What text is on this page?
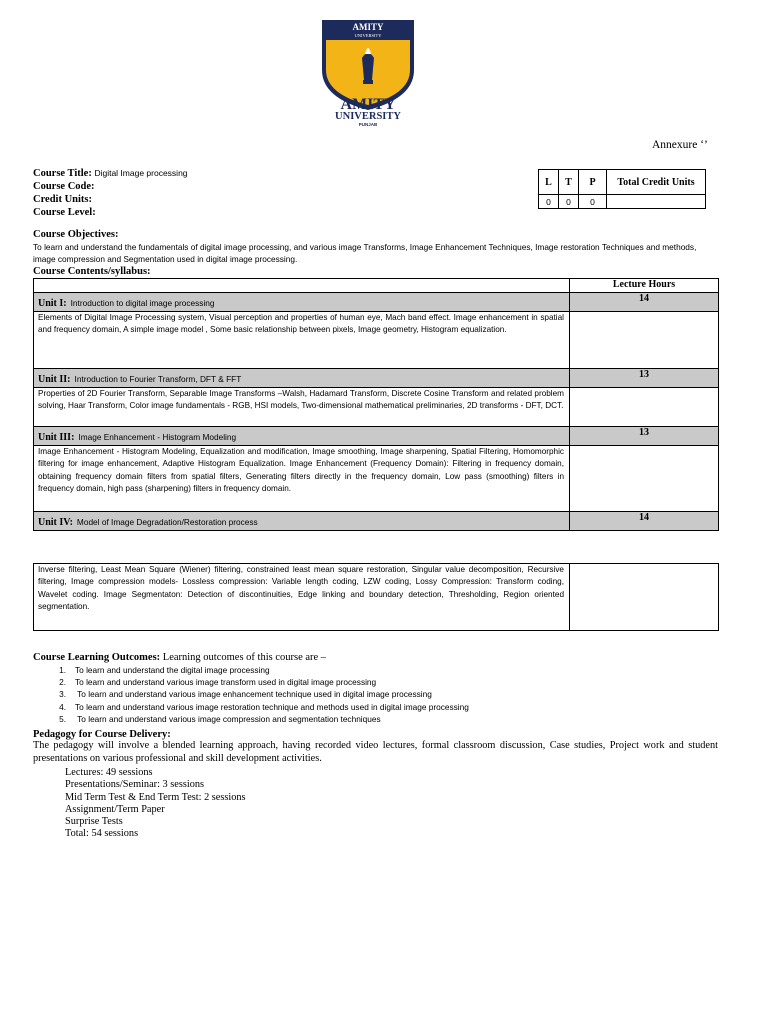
AMITY
UNIVERSITY
AMITY
UNIVERSITY
PUNJAB
Annexure ‘’
Course Title: Digital Image processing
Course Code:
Credit Units:
Course Level:
L	T	P	Total Credit Units
0	0	0	
Course Objectives:
To learn and understand the fundamentals of digital image processing, and various image Transforms, Image Enhancement Techniques, Image restoration Techniques and methods, image compression and Segmentation used in digital image processing.
Course Contents/syllabus:
	Lecture Hours
Unit I: Introduction to digital image processing	14

Elements of Digital Image Processing system, Visual perception and properties of human eye, Mach band effect. Image enhancement in spatial and frequency domain, A simple image model , Some basic relationship between pixels, Image geometry, Histogram equalization.	

Unit II: Introduction to Fourier Transform, DFT & FFT	13

Properties of 2D Fourier Transform, Separable Image Transforms –Walsh, Hadamard Transform, Discrete Cosine Transform and related problem solving, Haar Transform, Color image fundamentals - RGB, HSI models, Two-dimensional mathematical preliminaries, 2D transforms - DFT, DCT.	

Unit III: Image Enhancement - Histogram Modeling	13

Image Enhancement - Histogram Modeling, Equalization and modification, Image smoothing, Image sharpening, Spatial Filtering, Homomorphic filtering for image enhancement, Adaptive Histogram Equalization. Image Enhancement (Frequency Domain): Filtering in frequency domain, obtaining frequency domain filters from spatial filters, Generating filters directly in the frequency domain, Low pass (smoothing) filters in frequency domain, high pass (sharpening) filters in frequency domain.	

Unit IV: Model of Image Degradation/Restoration process	14
Inverse filtering, Least Mean Square (Wiener) filtering, constrained least mean square restoration, Singular value decomposition, Recursive filtering, Image compression models- Lossless compression: Variable length coding, LZW coding, Lossy Compression: Transform coding, Wavelet coding. Image Segmentaton: Detection of discontinuities, Edge linking and boundary detection, Thresholding, Region oriented segmentation.

Course Learning Outcomes: Learning outcomes of this course are –
1. To learn and understand the digital image processing
2. To learn and understand various image transform used in digital image processing
3. To learn and understand various image enhancement technique used in digital image processing
4. To learn and understand various image restoration technique and methods used in digital image processing
5. To learn and understand various image compression and segmentation techniques
Pedagogy for Course Delivery:
The pedagogy will involve a blended learning approach, having recorded video lectures, formal classroom discussion, Case studies, Project work and student presentations on various professional and skill development activities.
Lectures: 49 sessions
Presentations/Seminar: 3 sessions
Mid Term Test & End Term Test: 2 sessions
Assignment/Term Paper
Surprise Tests
Total: 54 sessions
